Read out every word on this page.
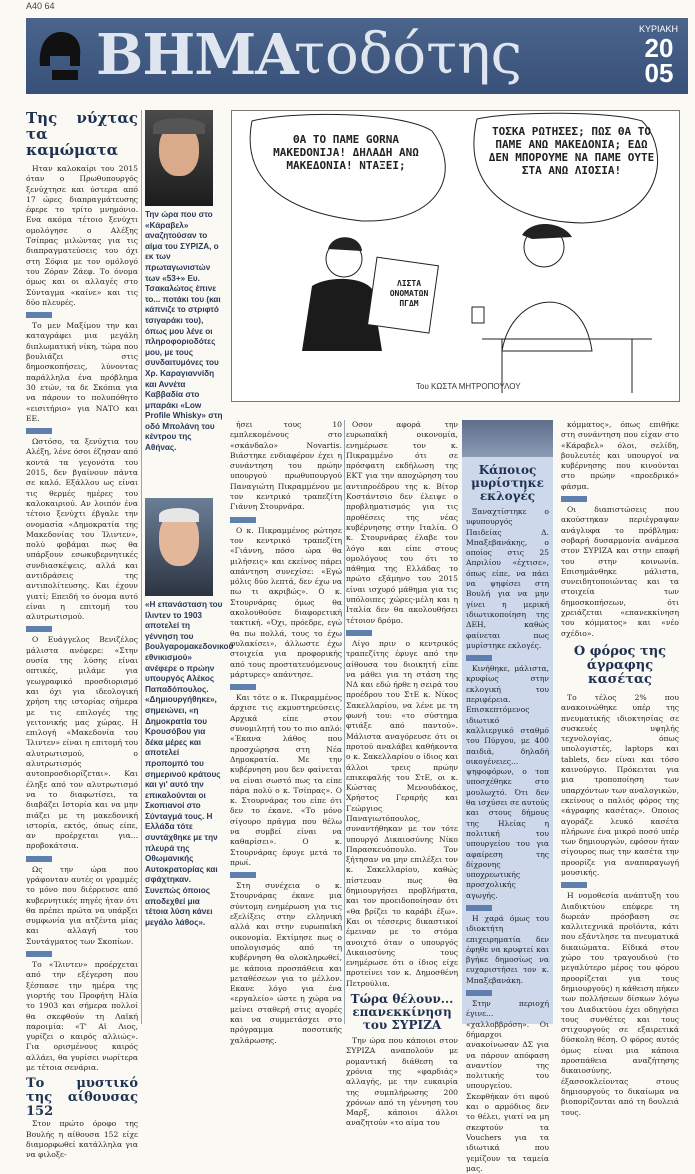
A40 64
ΒΗΜΑ
τοδότης	ΚΥΡΙΑΚΗ
20
05
Της νύχτας τα καμώματα

Ηταν καλοκαίρι του 2015 όταν ο Πρωθυπουργός ξενύχτησε και ύστερα από 17 ώρες διαπραγμάτευσης έφερε το τρίτο μνημόνιο. Ενα ακόμα τέτοιο ξενύχτι ομολόγησε ο Αλέξης Τσίπρας μιλώντας για τις διαπραγματεύσεις του όχι στη Σόφια με τον ομόλογό του Ζόραν Ζάεφ. Το όνομα όμως και οι αλλαγές στο Σύνταγμα «καίνε» και τις δύο πλευρές.

Το μεν Μαξίμου την και καταγράφει μια μεγάλη διπλωματική νίκη, τώρα που βουλιάζει στις δημοσκοπήσεις, λύνοντας παράλληλα ένα πρόβλημα 30 ετών, τα δε Σκόπια για να πάρουν το πολυπόθητο «εισιτήριο» για ΝΑΤΟ και ΕΕ.

Ωστόσο, τα ξενύχτια του Αλέξη, λένε όσοι έζησαν από κοντά τα γεγονότα του 2015, δεν βγαίνουν πάντα σε καλό. Εξάλλου ως είναι τις θερμές ημέρες του καλοκαιριού. Αν λοιπόν ένα τέτοιο ξενύχτι έβγαλε την ονομασία «Δημοκρατία της Μακεδονίας του Ίλιντεν», πολύ φοβάμαι πως θα υπάρξουν εσωκυβερνητικές συνδιασκέψεις, αλλά και αντιδράσεις της αντιπολίτευσης. Και έχουν γιατί; Επειδή το όνομα αυτό είναι η επιτομή του αλυτρωτισμού.

Ο Ευάγγελος Βενιζέλος μάλιστα ανέφερε: «Στην ουσία της λύσης είναι οπτικές, μιλάμε για γεωγραφικό προσδιορισμό και όχι για ιδεολογική χρήση της ιστορίας σήμερα με τις επιλογές της γειτονικής μας χώρας. Η επιλογή «Μακεδονία του Ίλιντεν» είναι η επιτομή του αλυτρωτισμού, ο αλυτρωτισμός αυτοπροσδιορίζεται». Και έληξε από τον αλυτρωτισμό να το διαφωτίσει, τα διαβάζει Ιστορία και να μην πιάζει με τη μακεδονική ιστορία, εκτός, όπως είπε, αν προέρχεται για... προβοκάτσια.

Ως την ώρα που γράφονταν αυτές οι γραμμές το μόνο που διέρρευσε από κυβερνητικές πηγές ήταν ότι θα πρέπει πρώτα να υπάρξει συμφωνία για ατζέντα μίας και αλλαγή του Συντάγματος των Σκοπίων.

Το «Ίλιντεν» προέρχεται από την εξέγερση που ξέσπασε την ημέρα της γιορτής του Προφήτη Ηλία το 1903 και σήμερα πολλοί θα σκεφθούν τη Λαϊκή παροιμία: «Τ' Αϊ Λιος, γυρίζει ο καιρός αλλιώς». Για ορισμένους καιρός αλλάει, θα γυρίσει νωρίτερα με τέτοια σενάρια.

Το μυστικό της αίθουσας 152

Στον πρώτο όροφο της Βουλής η αίθουσα 152 είχε διαμορφωθεί κατάλληλα για να φιλοξε-

Την ώρα που στο «Κάραβελ» αναζητούσαν το αίμα του ΣΥΡΙΖΑ, ο εκ των πρωταγωνιστών των «53+» Ευ. Τσακαλώτος έπινε το... ποτάκι του (και κάπνιζε το στριφτό τσιγαράκι του), όπως μου λένε οι πληροφοριοδότες μου, με τους συνδαιτυμόνες του Χρ. Καραγιαννίδη και Αννέτα Καββαδία στο μπαράκι «Low Profile Whisky» στη οδό Μπολάνη του κέντρου της Αθήνας.
«Η επανάσταση του Ιλιντεν το 1903 αποτελεί τη γέννηση του βουλγαρομακεδονικού εθνικισμού» ανέφερε ο πρώην υπουργός Αλέκος Παπαδόπουλος. «Δημιουργήθηκε», σημειώνει, «η Δημοκρατία του Κρουσόβου για δέκα μέρες και αποτελεί προπομπό του σημερινού κράτους και γι' αυτό την επικαλούνται οι Σκοπιανοί στο Σύνταγμά τους. Η Ελλάδα τότε συντάχθηκε με την πλευρά της Οθωμανικής Αυτοκρατορίας και σφάχτηκαν. Συνεπώς όποιος αποδεχθεί μια τέτοια λύση κάνει μεγάλο λάθος».
ΘΑ ΤΟ ΠΑΜΕ GORNA MAKEDONIJA! ΔΗΛΑΔΗ ΑΝΩ ΜΑΚΕΔΟΝΙΑ! ΝΤΑΞΕΙ;
ΤΟΣΚΑ ΡΩΤΗΣΕΣ; ΠΩΣ ΘΑ ΤΟ ΠΑΜΕ ΑΝΩ ΜΑΚΕΔΟΝΙΑ; ΕΔΩ ΔΕΝ ΜΠΟΡΟΥΜΕ ΝΑ ΠΑΜΕ ΟΥΤΕ ΣΤΑ ΑΝΩ ΛΙΟΣΙΑ!
ΛΙΣΤΑ ΟΝΟΜΑΤΩΝ ΠΓΔΜ
Του ΚΩΣΤΑ ΜΗΤΡΟΠΟΥΛΟΥ

ήσει τους 10 εμπλεκομένους στο «σκάνδαλο» Novartis. Βιάστηκε ενδιαφέρον έχει η συνάντηση του πρώην υπουργού πρωθυπουργού Παναγιώτη Πικραμμένου με τον κεντρικό τραπεζίτη Γιάννη Στουρνάρα.

Ο κ. Πικραμμένος ρώτησε τον κεντρικό τραπεζίτη «Γιάννη, πόσο ώρα θα μιλήσεις» και εκείνος πάρει απάντηση συνεχίσε: «Εγώ μόλις δύο λεπτά, δεν έχω να πω τι ακριβώς». Ο κ. Στουρνάρας όμως θα ακολουθούσε διαφορετική τακτική. «Όχι, πρόεδρε, εγώ θα πω πολλά, τους το έχω φυλακίσει», άλλωστε έχω στοιχεία για προφορικής από τους προστατευόμενους μάρτυρες» απάντησε.

Και τότε ο κ. Πικραμμένος άρχισε τις εκμυστηρεύσεις. Αρχικά είπε στον συνομιλητή του το πιο απλό: «Έκανα λάθος που προσχώρησα στη Νέα Δημοκρατία. Με την κυβέρνηση μου δεν φαίνεται να είναι σωστό πως τα είπε πάρα πολύ ο κ. Τσίπρας». Ο κ. Στουρνάρας του είπε ότι δεν το έκανε. «Το μόνο σίγουρο πράγμα που θέλω να συμβεί είναι να καθαρίσει». Ο κ. Στουρνάρας έφυγε μετά το πρωί.

Στη συνέχεια ο κ. Στουρνάρας έκανε μια σύντομη ενημέρωση για τις εξελίξεις στην ελληνική αλλά και στην ευρωπαϊκή οικονομία. Εκτίμησε πως ο υπολογισμός από τη κυβέρνηση θα ολοκληρωθεί, με κάποια προσπάθεια και μεταθέσεων για το μέλλον. Εκανε λόγο για ένα «εργαλείο» ώστε η χώρα να μείνει σταθερή στις αγορές και να συμμετάσχει στο πρόγραμμα ποσοτικής χαλάρωσης.

Οσον αφορά την ευρωπαϊκή οικονομία, ενημέρωσε τον κ. Πικραμμένο ότι σε πρόσφατη εκδήλωση της ΕΚΤ για την αποχώρηση του αντιπροέδρου της κ. Βίτορ Κοστάντσιο δεν έλειψε ο προβληματισμός για τις προθέσεις της νέας κυβέρνησης στην Ιταλία. Ο κ. Στουρνάρας έλαβε τον λόγο και είπε στους ομολόγους του ότι το πάθημα της Ελλάδας το πρώτο εξάμηνο του 2015 είναι ισχυρό μάθημα για τις υπόλοιπες χώρες-μέλη και η Ιταλία δεν θα ακολουθήσει τέτοιον δρόμο.

Λίγο πριν ο κεντρικός τραπεζίτης έφυγε από την αίθουσα του διοικητή είπε να μάθει για τη στάση της ΝΔ και εδώ ήρθε η σειρά του προέδρου του ΣτΕ κ. Νίκος Σακελλαρίου, να λένε με τη φωνή του: «το σύστημα φτιάξε από παντού». Μάλιστα αναγόρευσε ότι οι προτού αναλάβει καθήκοντα ο κ. Σακελλαρίου ο ίδιος και άλλοι τρεις πρώην επικεφαλής του ΣτΕ, οι κ. Κώστας Μενουδάκος, Χρήστος Γεραρής και Γεώργιος Παναγιωτόπουλος, συναντήθηκαν με τον τότε υπουργό Δικαιοσύνης Νίκο Παρασκευόπουλο. Τον ξήτησαν να μην επιλέξει τον κ. Σακελλαρίου, καθώς πίστευαν πως θα δημιουργήσει προβλήματα, και τον προειδοποίησαν ότι «θα βρίζει το καράβι έξω». Και οι τέσσερις δικαστικοί έμειναν με το στόμα ανοιχτό όταν ο υπουργός Δικαιοσύνης τους ενημέρωσε ότι ο ίδιος είχε προτείνει τον κ. Δημοσθένη Πετρούλια.

Τώρα θέλουν... επανεκκίνηση του ΣΥΡΙΖΑ

Την ώρα που κάποιοι στον ΣΥΡΙΖΑ αναπολούν με ρομαντική διάθεση τα χρόνια της «φαρδιάς» αλλαγής, με την ευκαιρία της συμπλήρωσης 200 χρόνων από τη γέννηση του Μαρξ, κάποιοι άλλοι αναζητούν «το αίμα του

Κάποιος μυρίστηκε εκλογές

Ξαναχτίστηκε ο υφυπουργός Παιδείας Δ. Μπαξεβανάκης, ο οποίος στις 25 Απριλίου «έχτισε», όπως είπε, να πάει να ψηφίσει στη Βουλή για να μην γίνει η μερική ιδιωτικοποίηση της ΔΕΗ, καθώς φαίνεται πως μυρίστηκε εκλογές.

Κινήθηκε, μάλιστα, κρυφίως στην εκλογική του περιφέρεια. Επισκεπτόμενος ιδιωτικό καλλιεργικό σταθμό του Πύργου, με 400 παιδιά, δηλαδή οικογένειες... ψηφοφόρων, ο τοπ υποσχέθηκε στο μουλωχτό. Ότι δεν θα ισχύσει σε αυτούς και στους δήμους της Ηλείας η πολιτική του υπουργείου του για αφαίρεση της δίχρονης υποχρεωτικής προσχολικής αγωγής.

Η χαρά όμως του ιδιοκτήτη επιχειρηματία δεν έφηθε να κρυφτεί και βγήκε δημοσίως να ευχαριστήσει τον κ. Μπαξεβανάκη.

Στην περιοχή έγινε... «χαλλοββρόση». Οι δήμαρχοι ανακοίνωσαν ΔΣ για να πάρουν απόφαση αναντίον της πολιτικής του υπουργείου. Σκεφθήκαν ότι αφού και ο αρμόδιος δεν το θέλει, γιατί να μη σκεφτούν τα Vouchers για τα ιδιωτικά που γεμίζουν τα ταμεία μας.

κόμματος», όπως επιθήκε στη συνάντηση που είχαν στο «Κάραβελ» όλοι, σελίδη, βουλευτές και υπουργοί να κυβέρνησης που κινούνται στο πρώην «προεδρικό» φάσμα.

Οι διαπιστώσεις που ακούστηκαν περιέγραψαν ανάγλυφα το πρόβλημα: σοβαρή δυσαρμονία ανάμεσα στον ΣΥΡΙΖΑ και στην επαφή του στην κοινωνία. Επισημάνθηκε μάλιστα, συνειδητοποιώντας και τα στοιχεία των δημοσκοπήσεων, ότι χρειάζεται «επανεκκίνηση του κόμματος» και «νέο σχέδιο».

Ο φόρος της άγραφης κασέτας

Το τέλος 2% που ανακοινώθηκε υπέρ της πνευματικής ιδιοκτησίας σε συσκευές υψηλής τεχνολογίας, όπως υπολογιστές, laptops και tablets, δεν είναι και τόσο καινούργιο. Πρόκειται για μια τροποποίηση των υπαρχόντων των αναλογικών, εκείνους ο παλιός φόρος της «άγραφης κασέτας». Οποιος αγοράζε λευκό κασέτα πλήρωνε ένα μικρό ποσό υπέρ των δημιουργών, εφόσον ήταν σίγουρος πως την κασέτα την προορίζε για αναπαραγωγή μουσικής.

Η νομοθεσία ανάπτυξη του Διαδικτύου επέφερε τη δωρεάν πρόσβαση σε καλλιτεχνικά προϊόντα, κάτι που εξάντλησε τα πνευματικά δικαιώματα. Είδικά στον χώρο του τραγουδιού (το μεγαλύτερο μέρος του φόρου προορίζεται για τους δημιουργούς) η κάθειση πήκεν των πολλήσεων δίσκων λόγω του Διαδικτύου έχει οδηγήσει τους συνθέτες και τους στιχουργούς σε εξαιρετικά δύσκολη θέση. Ο φόρος αυτός όμως είναι μια κάποια προσπάθεια αναζήτησης δικαιοσύνης, έξασσοκλείοντας στους δημιουργούς το δικαίωμα να βιοπορίζονται από τη δουλειά τους.
